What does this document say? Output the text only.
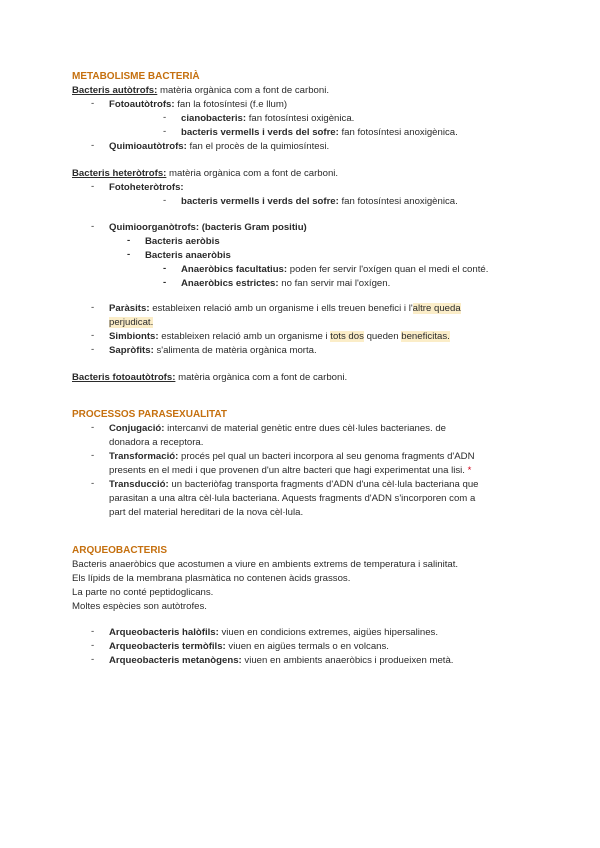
METABOLISME BACTERIÀ
Bacteris autòtrofs: matèria orgànica com a font de carboni.
- Fotoautòtrofs: fan la fotosíntesi (f.e llum)
- cianobacteris: fan fotosíntesi oxigènica.
- bacteris vermells i verds del sofre: fan fotosíntesi anoxigènica.
- Quimioautòtrofs: fan el procès de la quimiosíntesi.
Bacteris heteròtrofs: matèria orgànica com a font de carboni.
- Fotoheteròtrofs:
- bacteris vermells i verds del sofre: fan fotosíntesi anoxigènica.
- Quimioorganòtrofs: (bacteris Gram positiu)
- Bacteris aeròbis
- Bacteris anaeròbis
- Anaeròbics facultatius: poden fer servir l'oxígen quan el medi el conté.
- Anaeròbics estrictes: no fan servir mai l'oxígen.
- Paràsits: estableixen relació amb un organisme i ells treuen benefici i l'altre queda
perjudicat.
- Simbionts: estableixen relació amb un organisme i tots dos queden beneficitas.
- Sapròfits: s'alimenta de matèria orgànica morta.
Bacteris fotoautòtrofs: matèria orgànica com a font de carboni.
PROCESSOS PARASEXUALITAT
- Conjugació: intercanvi de material genètic entre dues cèl·lules bacterianes. de
donadora a receptora.
- Transformació: procés pel qual un bacteri incorpora al seu genoma fragments d'ADN
presents en el medi i que provenen d'un altre bacteri que hagi experimentat una lisi. *
- Transducció: un bacteriòfag transporta fragments d'ADN d'una cèl·lula bacteriana que
parasitan a una altra cèl·lula bacteriana. Aquests fragments d'ADN s'incorporen com a
part del material hereditari de la nova cèl·lula.
ARQUEOBACTERIS
Bacteris anaeròbics que acostumen a viure en ambients extrems de temperatura i salinitat.
Els lípids de la membrana plasmàtica no contenen àcids grassos.
La parte no conté peptidoglicans.
Moltes espècies son autòtrofes.
- Arqueobacteris halòfils: viuen en condicions extremes, aigües hipersalines.
- Arqueobacteris termòfils: viuen en aigües termals o en volcans.
- Arqueobacteris metanògens: viuen en ambients anaeròbics i produeixen metà.
